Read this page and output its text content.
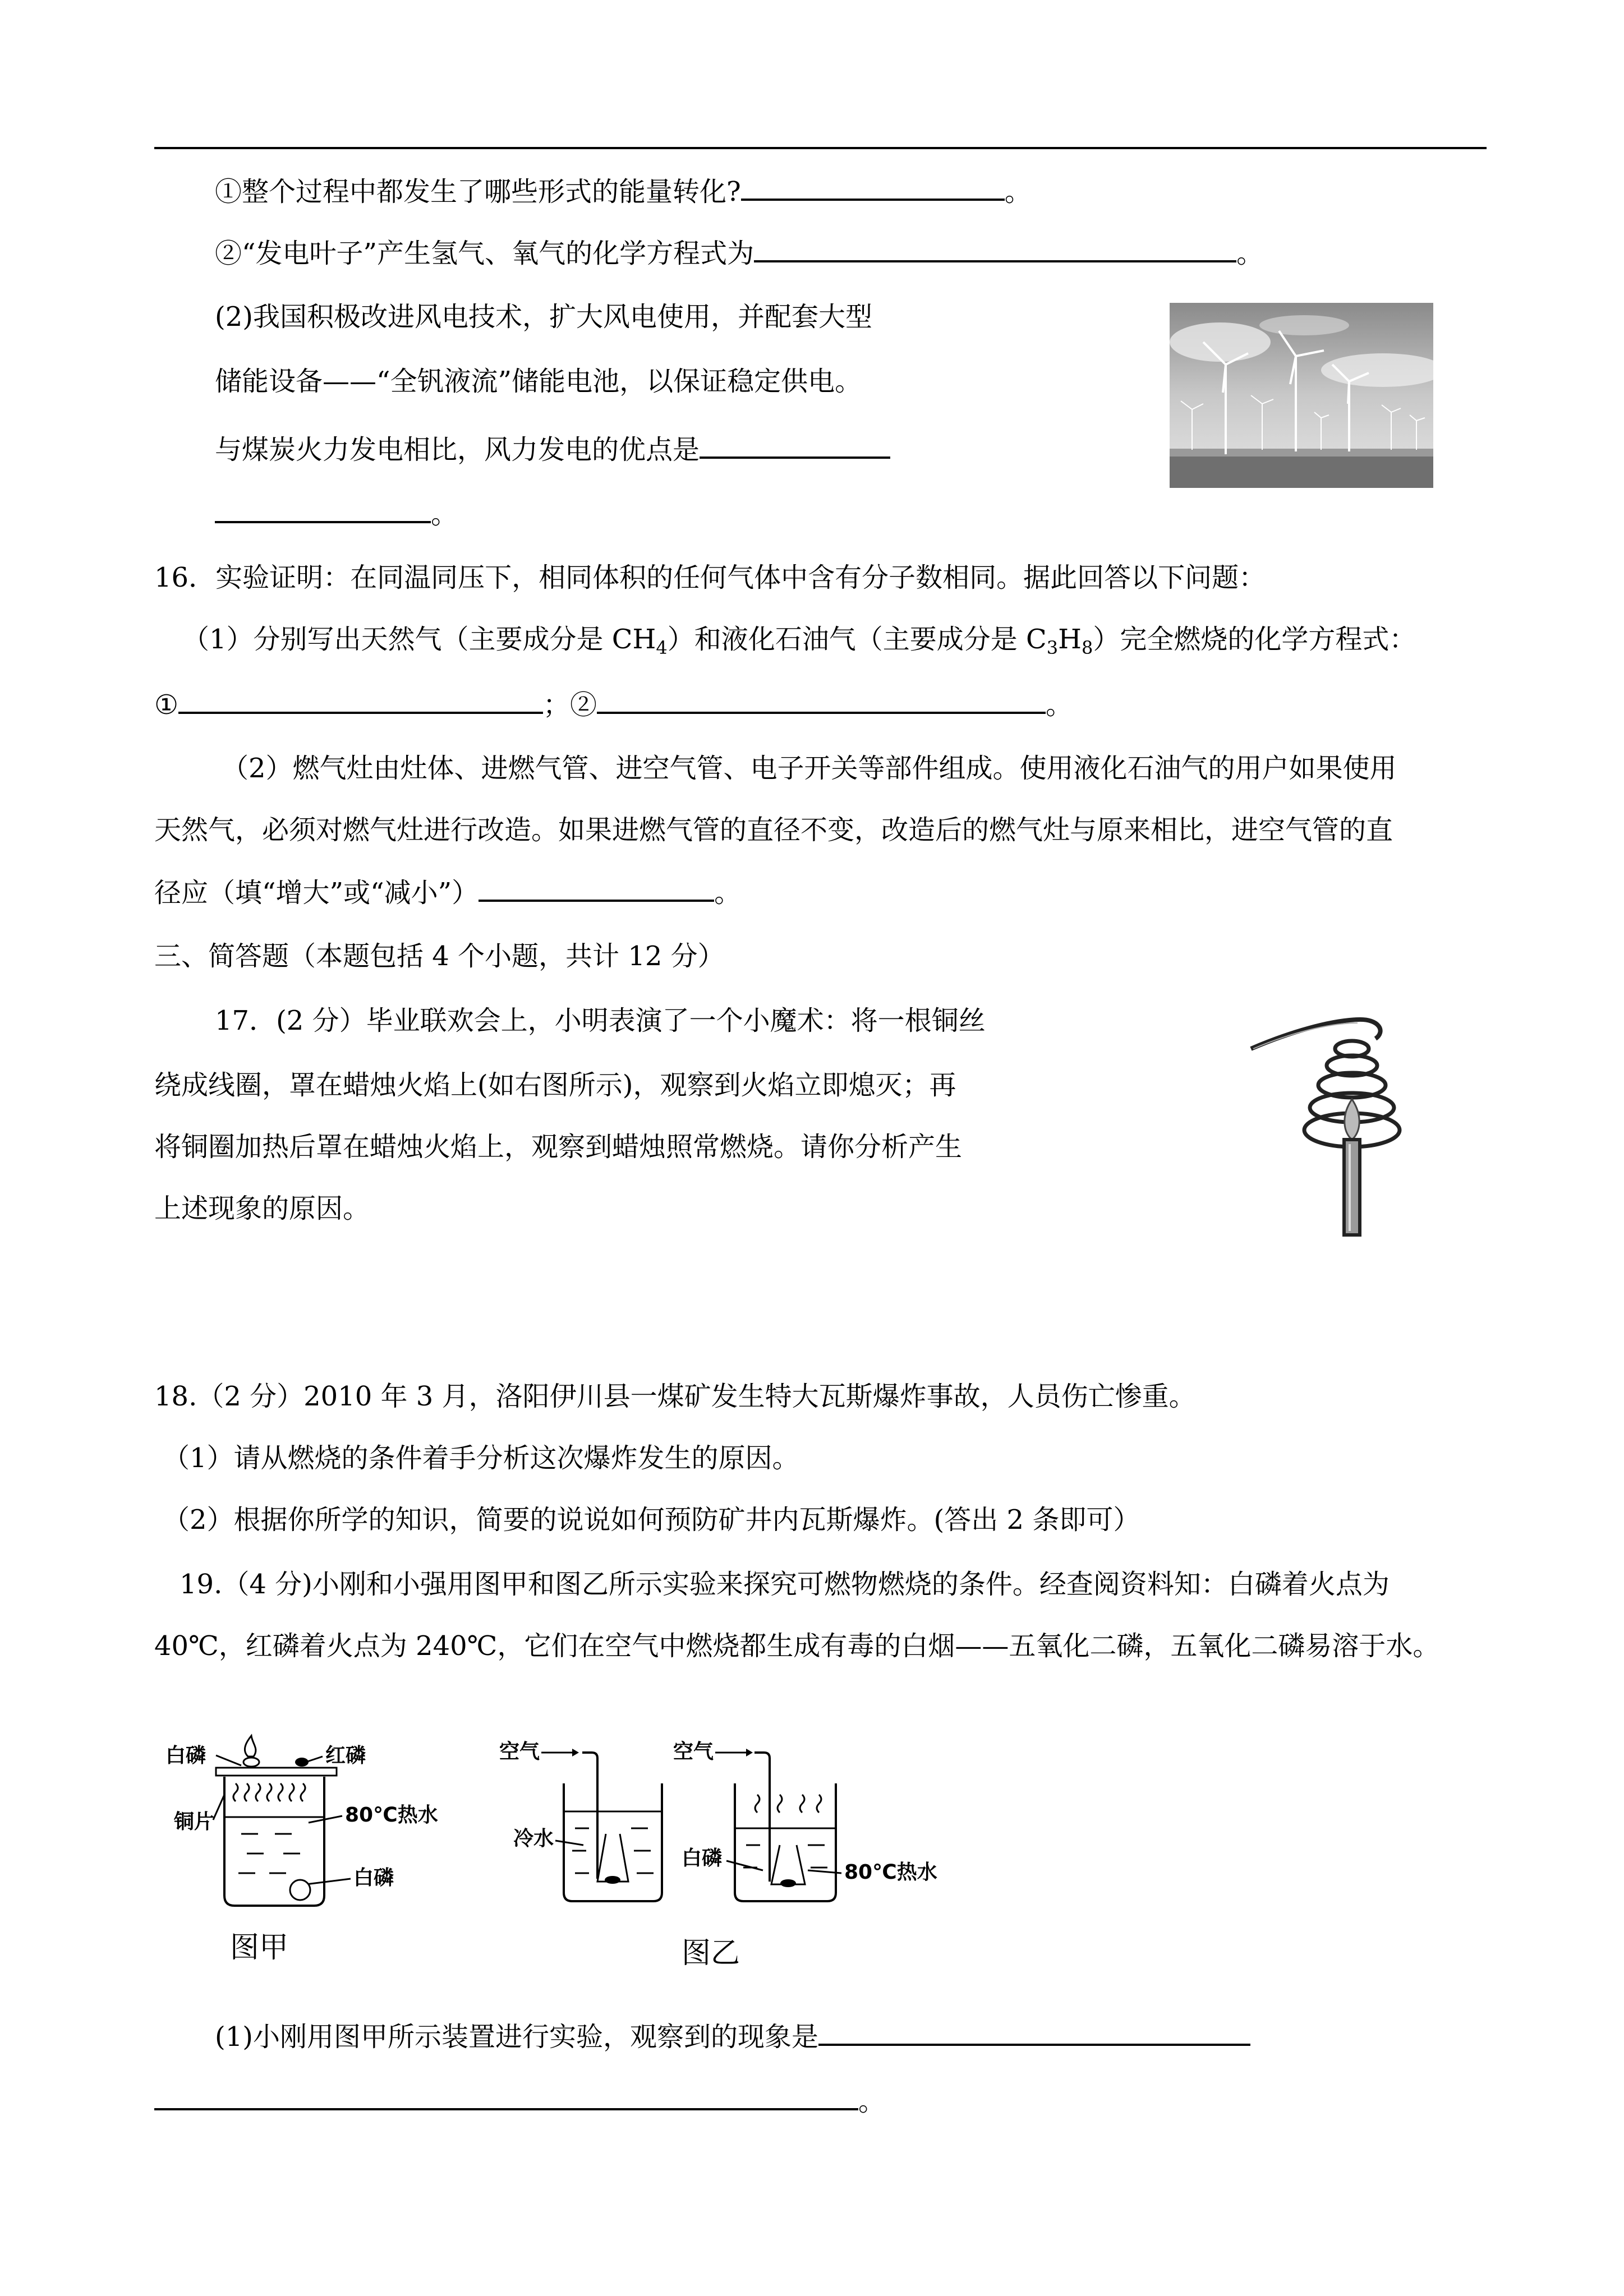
①整个过程中都发生了哪些形式的能量转化?	。
②“发电叶子”产生氢气、氧气的化学方程式为	。
(2)我国积极改进风电技术，扩大风电使用，并配套大型
储能设备——“全钒液流”储能电池，以保证稳定供电。
与煤炭火力发电相比，风力发电的优点是
。
16．实验证明：在同温同压下，相同体积的任何气体中含有分子数相同。据此回答以下问题：
（1）分别写出天然气（主要成分是 $CH_4$）和液化石油气（主要成分是 $C_3H_8$）完全燃烧的化学方程式：
①	；②	。
（2）燃气灶由灶体、进燃气管、进空气管、电子开关等部件组成。使用液化石油气的用户如果使用
天然气，必须对燃气灶进行改造。如果进燃气管的直径不变，改造后的燃气灶与原来相比，进空气管的直
径应（填“增大”或“减小”）	。
三、简答题（本题包括 4 个小题，共计 12 分）
17．(2 分）毕业联欢会上，小明表演了一个小魔术：将一根铜丝
绕成线圈，罩在蜡烛火焰上(如右图所示)，观察到火焰立即熄灭；再
将铜圈加热后罩在蜡烛火焰上，观察到蜡烛照常燃烧。请你分析产生
上述现象的原因。
18.（2 分）2010 年 3 月，洛阳伊川县一煤矿发生特大瓦斯爆炸事故，人员伤亡惨重。
（1）请从燃烧的条件着手分析这次爆炸发生的原因。
（2）根据你所学的知识，简要的说说如何预防矿井内瓦斯爆炸。(答出 2 条即可）
19.（4 分)小刚和小强用图甲和图乙所示实验来探究可燃物燃烧的条件。经查阅资料知：白磷着火点为
40℃，红磷着火点为 240℃，它们在空气中燃烧都生成有毒的白烟——五氧化二磷，五氧化二磷易溶于水。
白磷	红磷
铜片	80℃热水
白磷
图甲
空气	空气
冷水
白磷
80℃热水
图乙
(1)小刚用图甲所示装置进行实验，观察到的现象是
。
